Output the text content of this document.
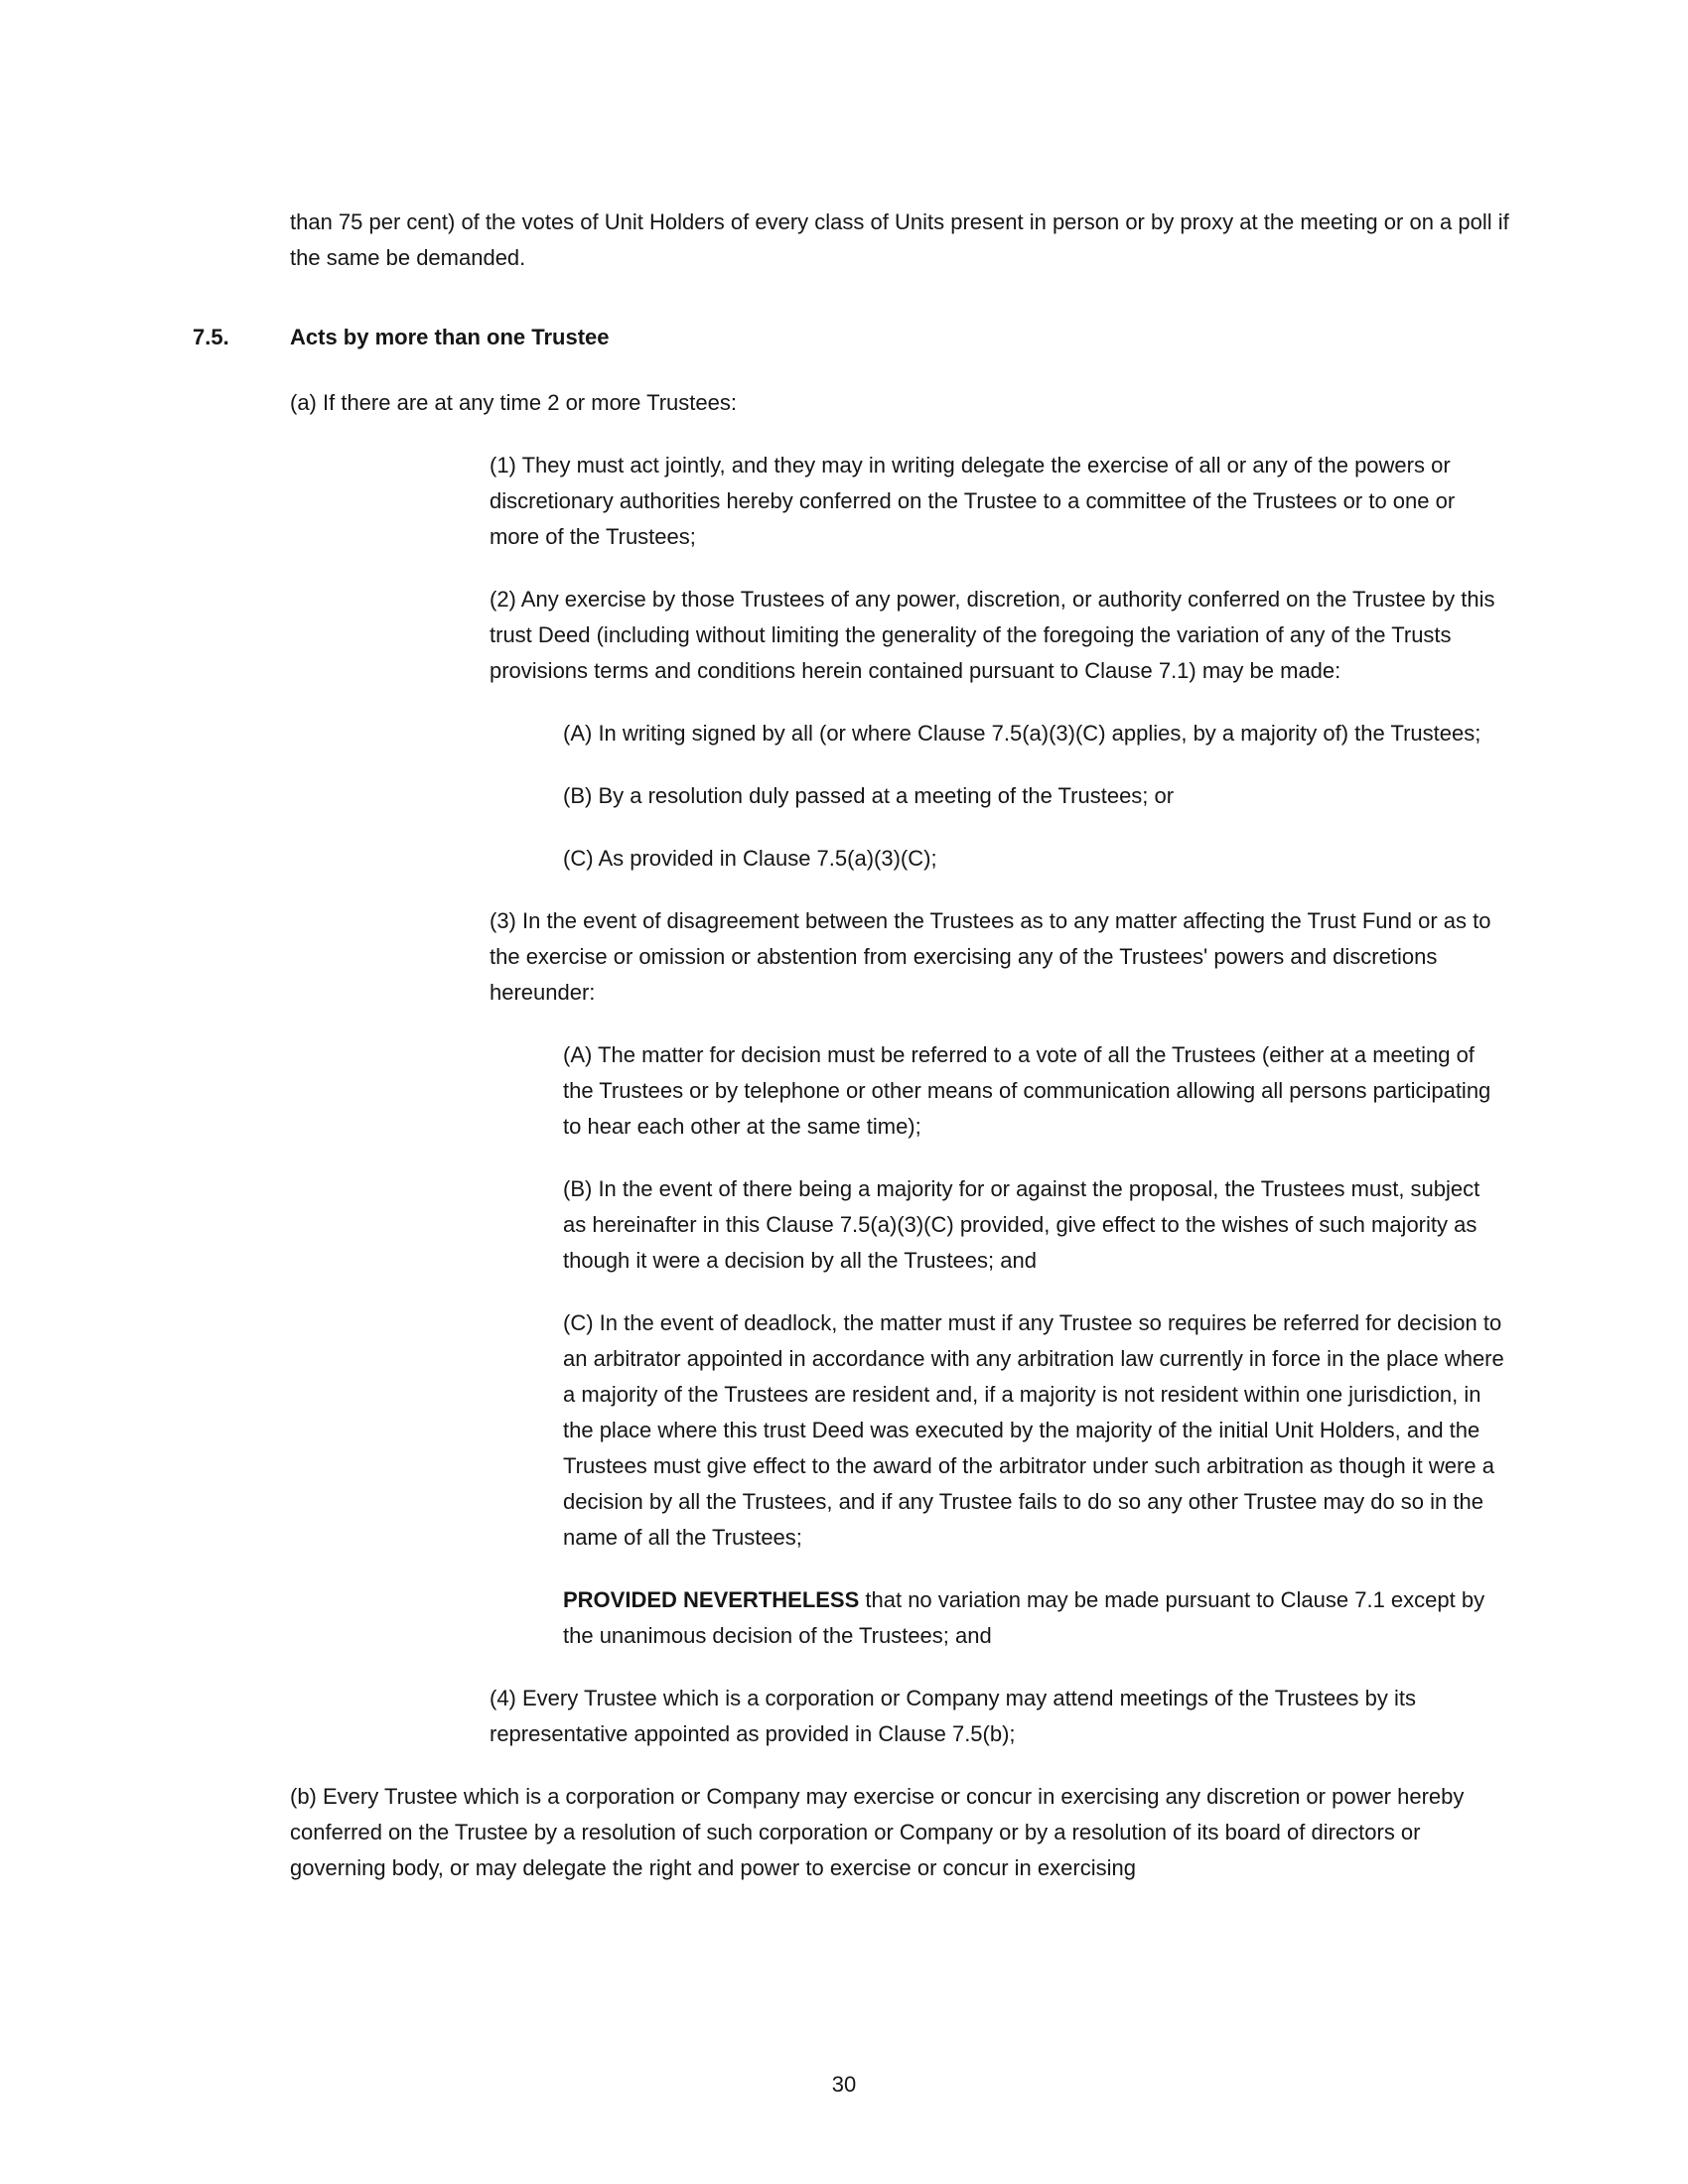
than 75 per cent) of the votes of Unit Holders of every class of Units present in person or by proxy at the meeting or on a poll if the same be demanded.

7.5.	Acts by more than one Trustee

(a) If there are at any time 2 or more Trustees:

(1) They must act jointly, and they may in writing delegate the exercise of all or any of the powers or discretionary authorities hereby conferred on the Trustee to a committee of the Trustees or to one or more of the Trustees;

(2) Any exercise by those Trustees of any power, discretion, or authority conferred on the Trustee by this trust Deed (including without limiting the generality of the foregoing the variation of any of the Trusts provisions terms and conditions herein contained pursuant to Clause 7.1) may be made:

(A) In writing signed by all (or where Clause 7.5(a)(3)(C) applies, by a majority of) the Trustees;

(B) By a resolution duly passed at a meeting of the Trustees; or

(C) As provided in Clause 7.5(a)(3)(C);

(3) In the event of disagreement between the Trustees as to any matter affecting the Trust Fund or as to the exercise or omission or abstention from exercising any of the Trustees' powers and discretions hereunder:

(A) The matter for decision must be referred to a vote of all the Trustees (either at a meeting of the Trustees or by telephone or other means of communication allowing all persons participating to hear each other at the same time);

(B) In the event of there being a majority for or against the proposal, the Trustees must, subject as hereinafter in this Clause 7.5(a)(3)(C) provided, give effect to the wishes of such majority as though it were a decision by all the Trustees; and

(C) In the event of deadlock, the matter must if any Trustee so requires be referred for decision to an arbitrator appointed in accordance with any arbitration law currently in force in the place where a majority of the Trustees are resident and, if a majority is not resident within one jurisdiction, in the place where this trust Deed was executed by the majority of the initial Unit Holders, and the Trustees must give effect to the award of the arbitrator under such arbitration as though it were a decision by all the Trustees, and if any Trustee fails to do so any other Trustee may do so in the name of all the Trustees;

PROVIDED NEVERTHELESS that no variation may be made pursuant to Clause 7.1 except by the unanimous decision of the Trustees; and

(4) Every Trustee which is a corporation or Company may attend meetings of the Trustees by its representative appointed as provided in Clause 7.5(b);

(b) Every Trustee which is a corporation or Company may exercise or concur in exercising any discretion or power hereby conferred on the Trustee by a resolution of such corporation or Company or by a resolution of its board of directors or governing body, or may delegate the right and power to exercise or concur in exercising

30
